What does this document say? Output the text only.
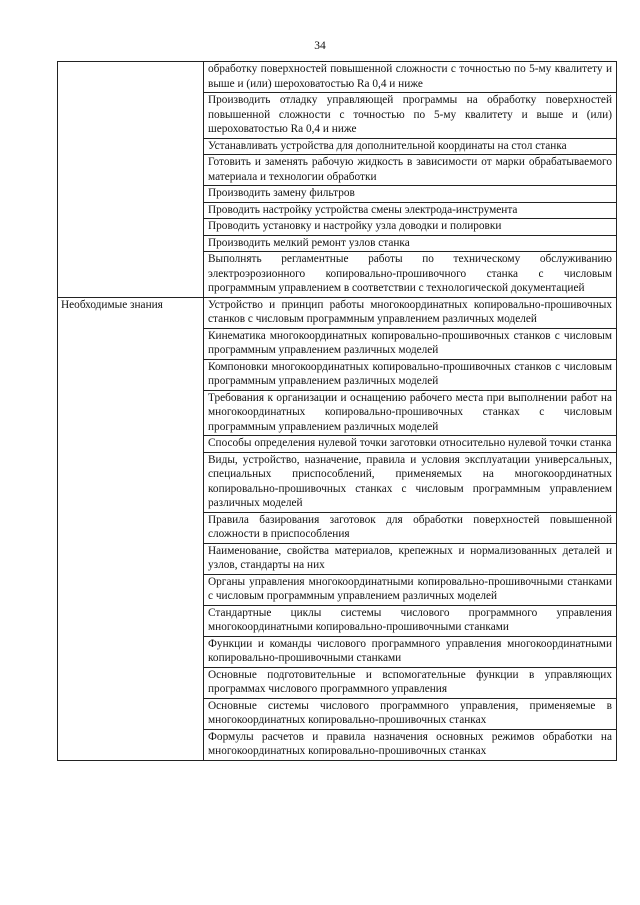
34

	обработку поверхностей повышенной сложности с точностью по 5-му квалитету и выше и (или) шероховатостью Ra 0,4 и ниже

	Производить отладку управляющей программы на обработку поверхностей повышенной сложности с точностью по 5-му квалитету и выше и (или) шероховатостью Ra 0,4 и ниже

	Устанавливать устройства для дополнительной координаты на стол станка

	Готовить и заменять рабочую жидкость в зависимости от марки обрабатываемого материала и технологии обработки

	Производить замену фильтров

	Проводить настройку устройства смены электрода-инструмента

	Проводить установку и настройку узла доводки и полировки

	Производить мелкий ремонт узлов станка

	Выполнять регламентные работы по техническому обслуживанию электроэрозионного копировально-прошивочного станка с числовым программным управлением в соответствии с технологической документацией

Необходимые знания	Устройство и принцип работы многокоординатных копировально-прошивочных станков с числовым программным управлением различных моделей

	Кинематика многокоординатных копировально-прошивочных станков с числовым программным управлением различных моделей

	Компоновки многокоординатных копировально-прошивочных станков с числовым программным управлением различных моделей

	Требования к организации и оснащению рабочего места при выполнении работ на многокоординатных копировально-прошивочных станках с числовым программным управлением различных моделей

	Способы определения нулевой точки заготовки относительно нулевой точки станка

	Виды, устройство, назначение, правила и условия эксплуатации универсальных, специальных приспособлений, применяемых на многокоординатных копировально-прошивочных станках с числовым программным управлением различных моделей

	Правила базирования заготовок для обработки поверхностей повышенной сложности в приспособления

	Наименование, свойства материалов, крепежных и нормализованных деталей и узлов, стандарты на них

	Органы управления многокоординатными копировально-прошивочными станками с числовым программным управлением различных моделей

	Стандартные циклы системы числового программного управления многокоординатными копировально-прошивочными станками

	Функции и команды числового программного управления многокоординатными копировально-прошивочными станками

	Основные подготовительные и вспомогательные функции в управляющих программах числового программного управления

	Основные системы числового программного управления, применяемые в многокоординатных копировально-прошивочных станках

	Формулы расчетов и правила назначения основных режимов обработки на многокоординатных копировально-прошивочных станках
